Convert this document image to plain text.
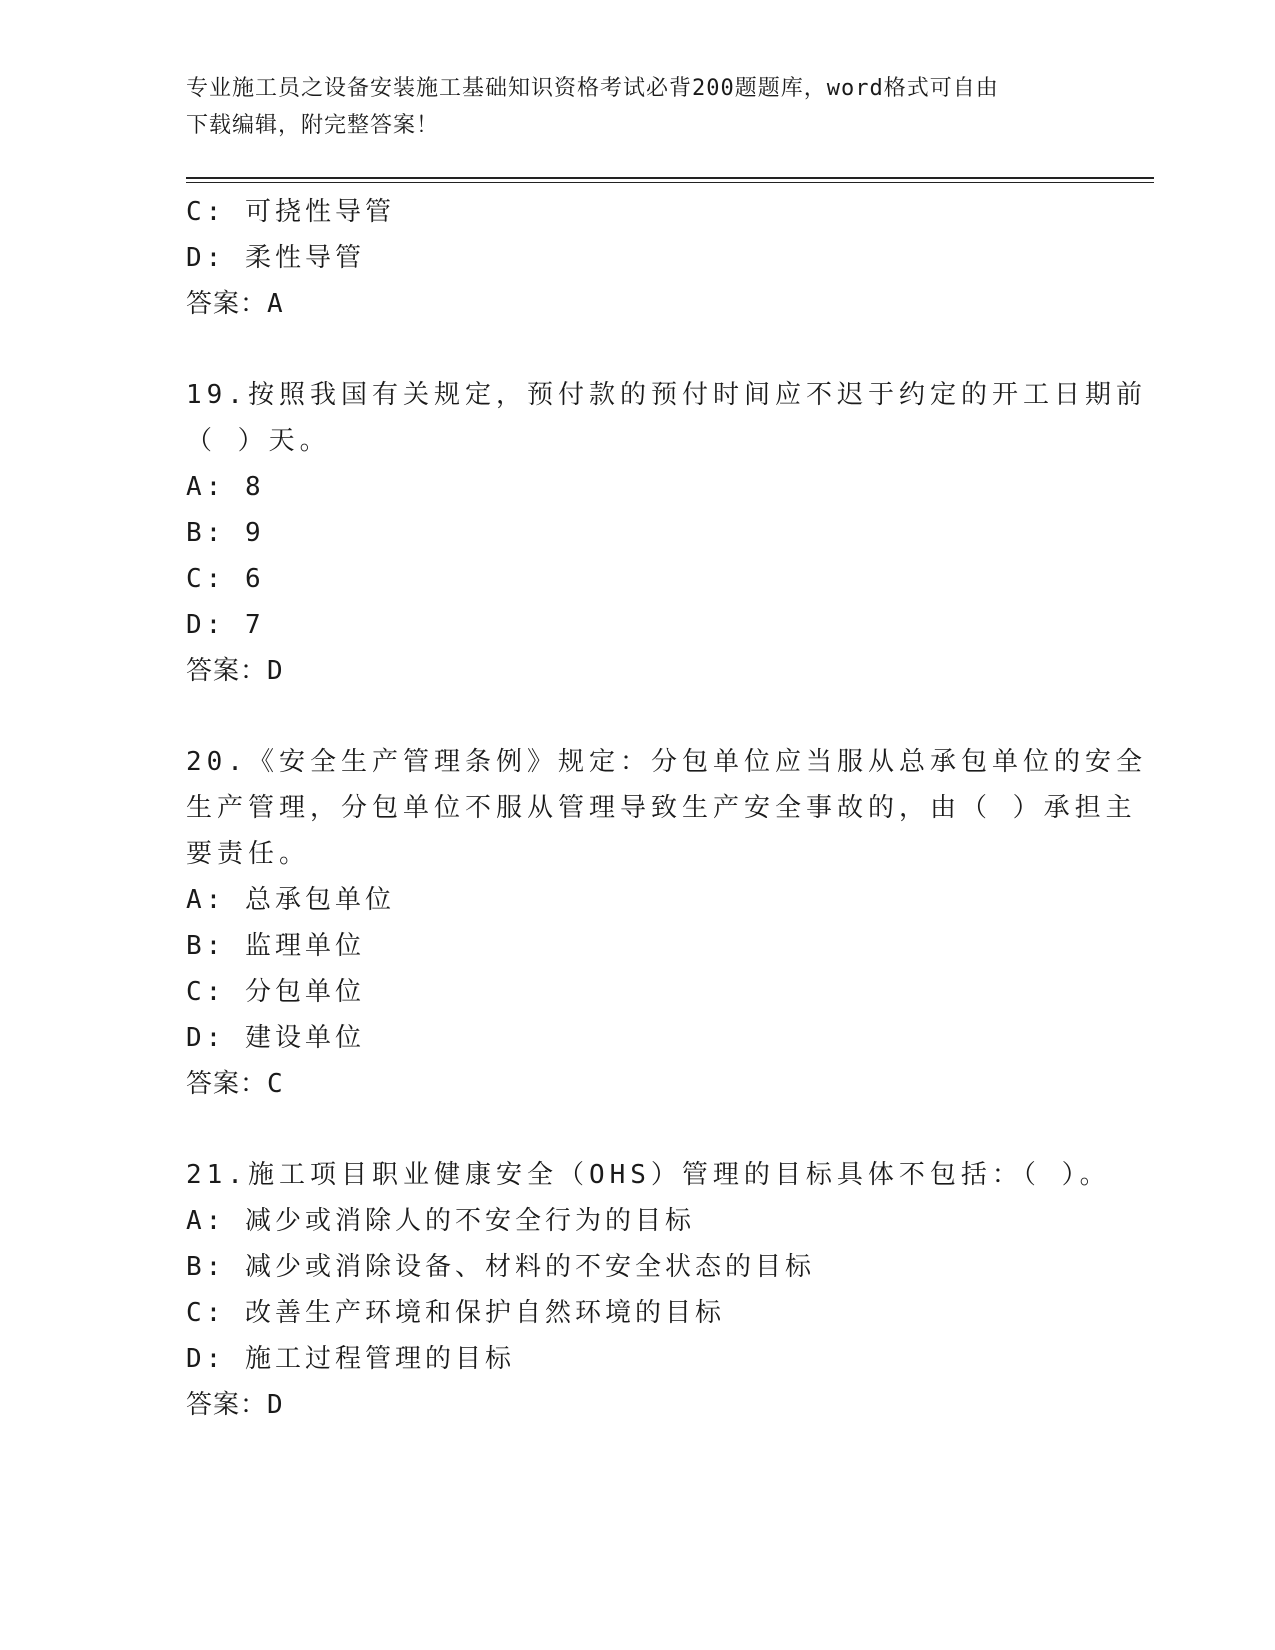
专业施工员之设备安装施工基础知识资格考试必背200题题库，word格式可自由
下载编辑，附完整答案！
C: 可挠性导管
D: 柔性导管
答案：A
19.按照我国有关规定，预付款的预付时间应不迟于约定的开工日期前
（ ）天。
A: 8
B: 9
C: 6
D: 7
答案：D
20.《安全生产管理条例》规定：分包单位应当服从总承包单位的安全
生产管理，分包单位不服从管理导致生产安全事故的，由（ ）承担主
要责任。
A: 总承包单位
B: 监理单位
C: 分包单位
D: 建设单位
答案：C
21.施工项目职业健康安全（OHS）管理的目标具体不包括：（ ）。
A: 减少或消除人的不安全行为的目标
B: 减少或消除设备、材料的不安全状态的目标
C: 改善生产环境和保护自然环境的目标
D: 施工过程管理的目标
答案：D
